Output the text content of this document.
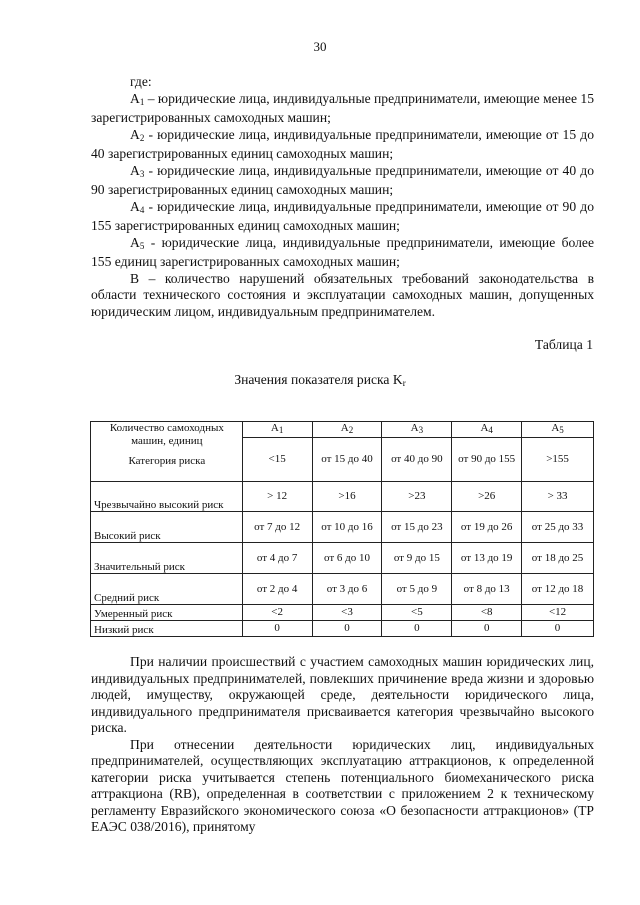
30

где:

$A_1$ – юридические лица, индивидуальные предприниматели, имеющие менее 15 зарегистрированных самоходных машин;

$A_2$ - юридические лица, индивидуальные предприниматели, имеющие от 15 до 40 зарегистрированных единиц самоходных машин;

$A_3$ - юридические лица, индивидуальные предприниматели, имеющие от 40 до 90 зарегистрированных единиц самоходных машин;

$A_4$ - юридические лица, индивидуальные предприниматели, имеющие от 90 до 155 зарегистрированных единиц самоходных машин;

$A_5$ - юридические лица, индивидуальные предприниматели, имеющие более 155 единиц зарегистрированных самоходных машин;

В – количество нарушений обязательных требований законодательства в области технического состояния и эксплуатации самоходных машин, допущенных юридическим лицом, индивидуальным предпринимателем.

Таблица 1
Значения показателя риска $K_r$
Количество самоходных машин, единиц
Категория риска	$A_1$	$A_2$	$A_3$	$A_4$	$A_5$
	<15	от 15 до 40	от 40 до 90	от 90 до 155	>155
Чрезвычайно высокий риск	> 12	>16	>23	>26	> 33
Высокий риск	от 7 до 12	от 10 до 16	от 15 до 23	от 19 до 26	от 25 до 33
Значительный риск	от 4 до 7	от 6 до 10	от 9 до 15	от 13 до 19	от 18 до 25
Средний риск	от 2 до 4	от 3 до 6	от 5 до 9	от 8 до 13	от 12 до 18
Умеренный риск	<2	<3	<5	<8	<12
Низкий риск	0	0	0	0	0

При наличии происшествий с участием самоходных машин юридических лиц, индивидуальных предпринимателей, повлекших причинение вреда жизни и здоровью людей, имуществу, окружающей среде, деятельности юридического лица, индивидуального предпринимателя присваивается категория чрезвычайно высокого риска.

При отнесении деятельности юридических лиц, индивидуальных предпринимателей, осуществляющих эксплуатацию аттракционов, к определенной категории риска учитывается степень потенциального биомеханического риска аттракциона (RB), определенная в соответствии с приложением 2 к техническому регламенту Евразийского экономического союза «О безопасности аттракционов» (ТР ЕАЭС 038/2016), принятому
